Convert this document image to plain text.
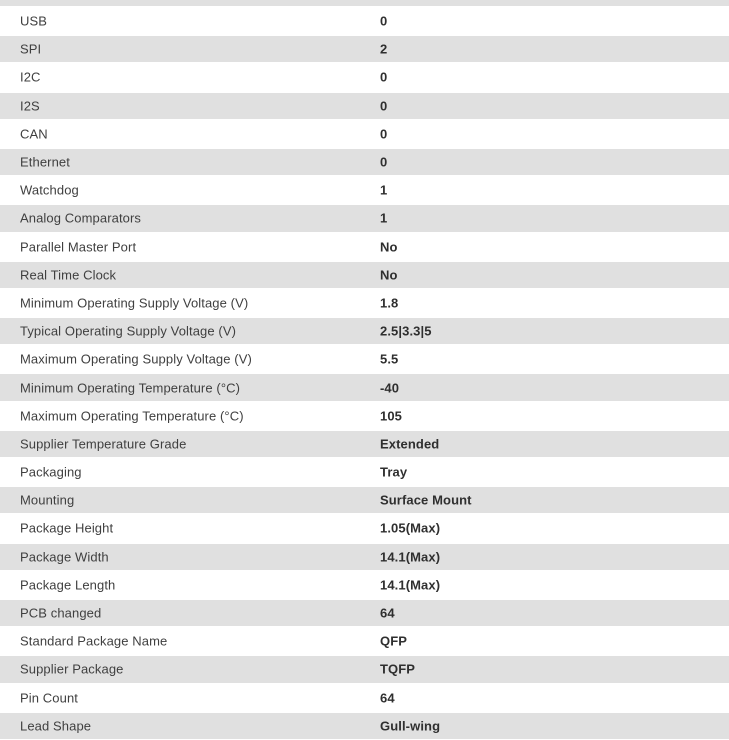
USB	0
SPI	2
I2C	0
I2S	0
CAN	0
Ethernet	0
Watchdog	1
Analog Comparators	1
Parallel Master Port	No
Real Time Clock	No
Minimum Operating Supply Voltage (V)	1.8
Typical Operating Supply Voltage (V)	2.5|3.3|5
Maximum Operating Supply Voltage (V)	5.5
Minimum Operating Temperature (°C)	-40
Maximum Operating Temperature (°C)	105
Supplier Temperature Grade	Extended
Packaging	Tray
Mounting	Surface Mount
Package Height	1.05(Max)
Package Width	14.1(Max)
Package Length	14.1(Max)
PCB changed	64
Standard Package Name	QFP
Supplier Package	TQFP
Pin Count	64
Lead Shape	Gull-wing
